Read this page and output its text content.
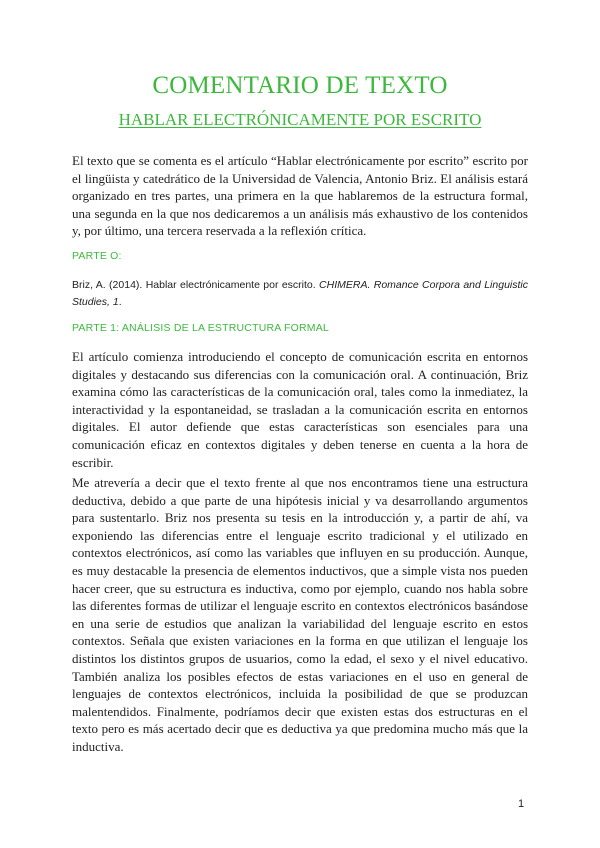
COMENTARIO DE TEXTO
HABLAR ELECTRÓNICAMENTE POR ESCRITO

El texto que se comenta es el artículo “Hablar electrónicamente por escrito” escrito por el lingüista y catedrático de la Universidad de Valencia, Antonio Briz. El análisis estará organizado en tres partes, una primera en la que hablaremos de la estructura formal, una segunda en la que nos dedicaremos a un análisis más exhaustivo de los contenidos y, por último, una tercera reservada a la reflexión crítica.

PARTE O:

Briz, A. (2014). Hablar electrónicamente por escrito. CHIMERA. Romance Corpora and Linguistic Studies, 1.

PARTE 1: ANÁLISIS DE LA ESTRUCTURA FORMAL

El artículo comienza introduciendo el concepto de comunicación escrita en entornos digitales y destacando sus diferencias con la comunicación oral. A continuación, Briz examina cómo las características de la comunicación oral, tales como la inmediatez, la interactividad y la espontaneidad, se trasladan a la comunicación escrita en entornos digitales. El autor defiende que estas características son esenciales para una comunicación eficaz en contextos digitales y deben tenerse en cuenta a la hora de escribir.

Me atrevería a decir que el texto frente al que nos encontramos tiene una estructura deductiva, debido a que parte de una hipótesis inicial y va desarrollando argumentos para sustentarlo. Briz nos presenta su tesis en la introducción y, a partir de ahí, va exponiendo las diferencias entre el lenguaje escrito tradicional y el utilizado en contextos electrónicos, así como las variables que influyen en su producción. Aunque, es muy destacable la presencia de elementos inductivos, que a simple vista nos pueden hacer creer, que su estructura es inductiva, como por ejemplo, cuando nos habla sobre las diferentes formas de utilizar el lenguaje escrito en contextos electrónicos basándose en una serie de estudios que analizan la variabilidad del lenguaje escrito en estos contextos. Señala que existen variaciones en la forma en que utilizan el lenguaje los distintos los distintos grupos de usuarios, como la edad, el sexo y el nivel educativo. También analiza los posibles efectos de estas variaciones en el uso en general de lenguajes de contextos electrónicos, incluida la posibilidad de que se produzcan malentendidos. Finalmente, podríamos decir que existen estas dos estructuras en el texto pero es más acertado decir que es deductiva ya que predomina mucho más que la inductiva.

1
